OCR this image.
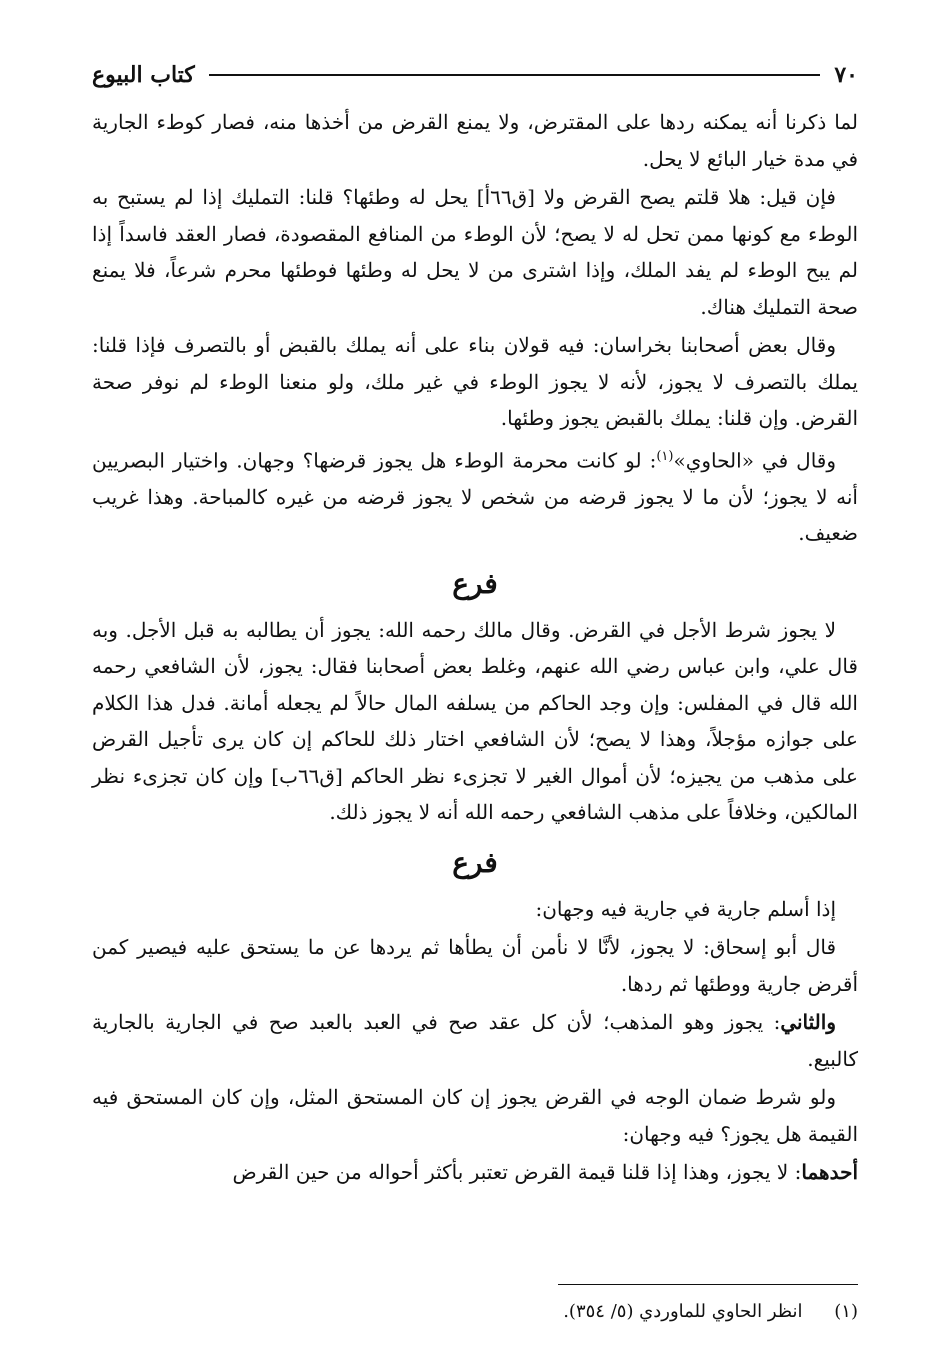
٧٠
كتاب البيوع

لما ذكرنا أنه يمكنه ردها على المقترض، ولا يمنع القرض من أخذها منه، فصار كوطء الجارية في مدة خيار البائع لا يحل.

فإن قيل: هلا قلتم يصح القرض ولا [ق٦٦أ] يحل له وطئها؟ قلنا: التمليك إذا لم يستبح به الوطء مع كونها ممن تحل له لا يصح؛ لأن الوطء من المنافع المقصودة، فصار العقد فاسداً إذا لم يبح الوطء لم يفد الملك، وإذا اشترى من لا يحل له وطئها فوطئها محرم شرعاً، فلا يمنع صحة التمليك هناك.

وقال بعض أصحابنا بخراسان: فيه قولان بناء على أنه يملك بالقبض أو بالتصرف فإذا قلنا: يملك بالتصرف لا يجوز، لأنه لا يجوز الوطء في غير ملك، ولو منعنا الوطء لم نوفر صحة القرض. وإن قلنا: يملك بالقبض يجوز وطئها.

وقال في «الحاوي»$^{(١)}$: لو كانت محرمة الوطء هل يجوز قرضها؟ وجهان. واختيار البصريين أنه لا يجوز؛ لأن ما لا يجوز قرضه من شخص لا يجوز قرضه من غيره كالمباحة. وهذا غريب ضعيف.

فرع

لا يجوز شرط الأجل في القرض. وقال مالك رحمه الله: يجوز أن يطالبه به قبل الأجل. وبه قال علي، وابن عباس رضي الله عنهم، وغلط بعض أصحابنا فقال: يجوز، لأن الشافعي رحمه الله قال في المفلس: وإن وجد الحاكم من يسلفه المال حالاً لم يجعله أمانة. فدل هذا الكلام على جوازه مؤجلاً، وهذا لا يصح؛ لأن الشافعي اختار ذلك للحاكم إن كان يرى تأجيل القرض على مذهب من يجيزه؛ لأن أموال الغير لا تجزىء نظر الحاكم [ق٦٦ب] وإن كان تجزىء نظر المالكين، وخلافاً على مذهب الشافعي رحمه الله أنه لا يجوز ذلك.

فرع

إذا أسلم جارية في جارية فيه وجهان:

قال أبو إسحاق: لا يجوز، لأنَّا لا نأمن أن يطأها ثم يردها عن ما يستحق عليه فيصير كمن أقرض جارية ووطئها ثم ردها.

والثاني: يجوز وهو المذهب؛ لأن كل عقد صح في العبد بالعبد صح في الجارية بالجارية كالبيع.

ولو شرط ضمان الوجه في القرض يجوز إن كان المستحق المثل، وإن كان المستحق فيه القيمة هل يجوز؟ فيه وجهان:

أحدهما: لا يجوز، وهذا إذا قلنا قيمة القرض تعتبر بأكثر أحواله من حين القرض

(١) انظر الحاوي للماوردي (٥/ ٣٥٤).
